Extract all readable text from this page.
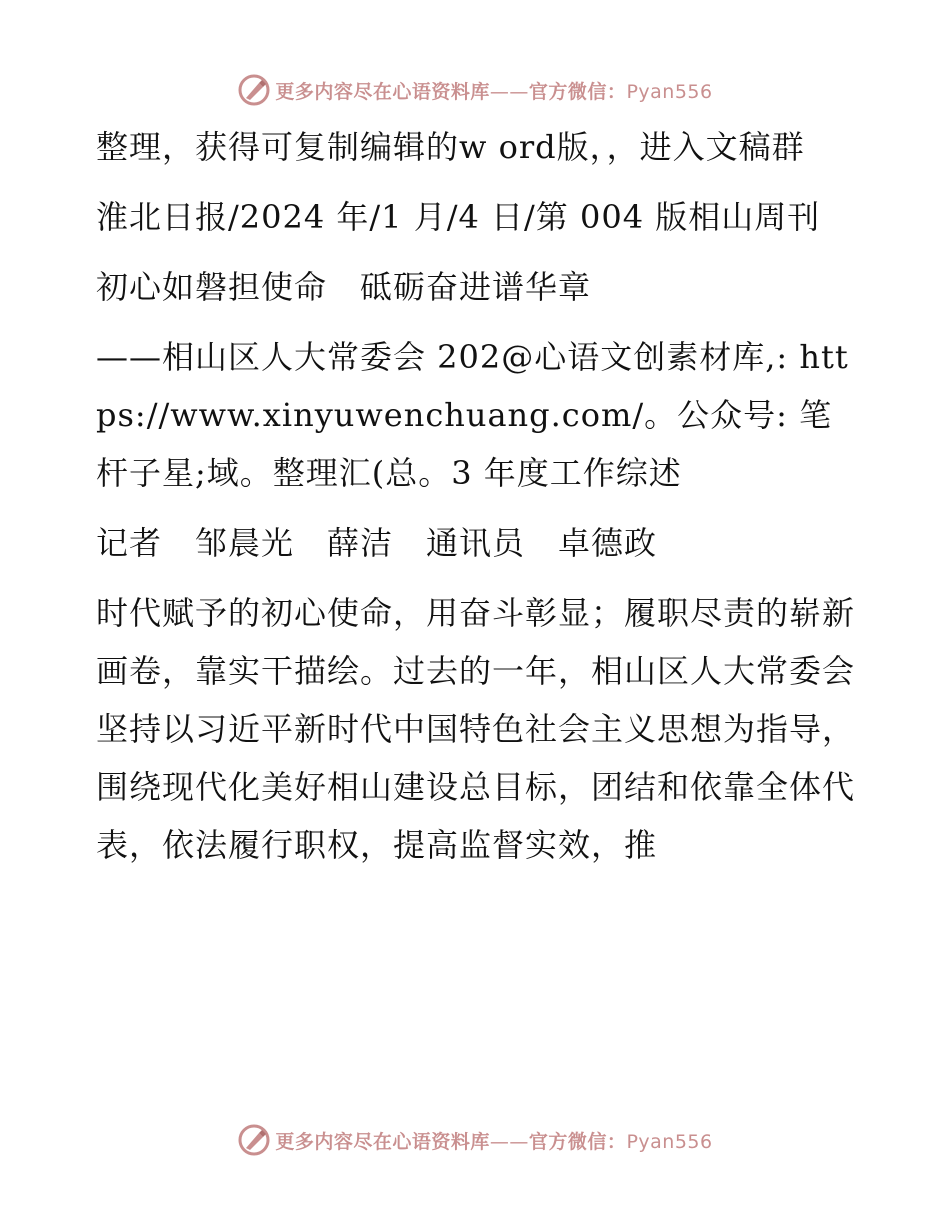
更多内容尽在心语资料库——官方微信：Pyan556

整理，获得可复制编辑的w ord版，，进入文稿群

淮北日报/2024 年/1 月/4 日/第 004 版相山周刊

初心如磐担使命　砥砺奋进谱华章

——相山区人大常委会 202@心语文创素材库,: https://www.xinyuwenchuang.com/。公众号: 笔杆子星;域。整理汇(总。3 年度工作综述

记者　邹晨光　薛洁　通讯员　卓德政

时代赋予的初心使命，用奋斗彰显；履职尽责的崭新画卷，靠实干描绘。过去的一年，相山区人大常委会坚持以习近平新时代中国特色社会主义思想为指导，围绕现代化美好相山建设总目标，团结和依靠全体代表，依法履行职权，提高监督实效，推

更多内容尽在心语资料库——官方微信：Pyan556
